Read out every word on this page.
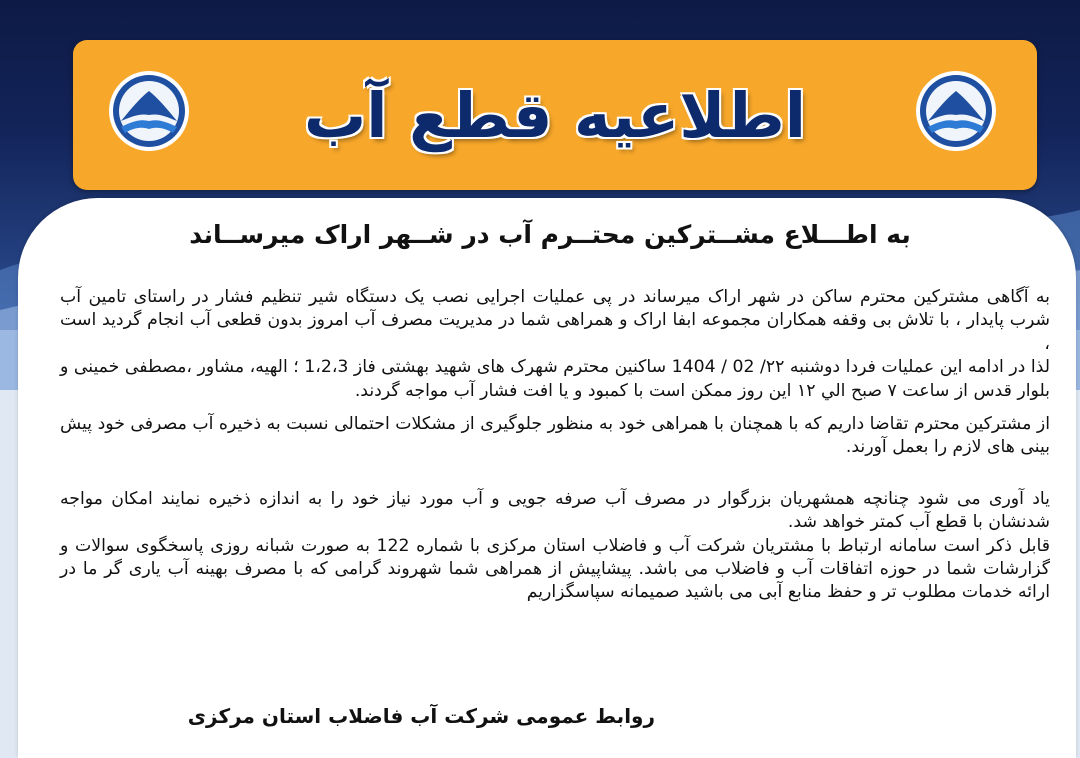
اطلاعیه قطع آب
به اطـــلاع مشــتركين محتــرم آب در شــهر اراک ميرســاند

به آگاهی مشترکین محترم ساکن در شهر اراک میرساند در پی عملیات اجرایی نصب یک دستگاه شیر تنظیم فشار در راستای تامین آب شرب پایدار ، با تلاش بی وقفه همکاران مجموعه ابفا اراک و همراهی شما در مدیریت مصرف آب امروز بدون قطعی آب انجام گردید است ،
لذا در ادامه این عملیات فردا دوشنبه ۲۲/ 02 / 1404 ساکنین محترم شهرک های شهید بهشتی فاز 1،2،3 ؛ الهیه، مشاور ،مصطفی خمینی و بلوار قدس از ساعت ۷ صبح الي ۱۲ این روز ممکن است با کمبود و یا افت فشار آب مواجه گردند.

از مشترکین محترم تقاضا داریم که با همچنان با همراهی خود به منظور جلوگیری از مشکلات احتمالی نسبت به ذخیره آب مصرفی خود پیش بینی های لازم را بعمل آورند.

یاد آوری می شود چنانچه همشهریان بزرگوار در مصرف آب صرفه جویی و آب مورد نیاز خود را به اندازه ذخیره نمایند امکان مواجه شدنشان با قطع آب کمتر خواهد شد.
قابل ذکر است سامانه ارتباط با مشتریان شرکت آب و فاضلاب استان مرکزی با شماره 122 به صورت شبانه روزی پاسخگوی سوالات و گزارشات شما در حوزه اتفاقات آب و فاضلاب می باشد. پیشاپیش از همراهی شما شهروند گرامی که با مصرف بهینه آب یاری گر ما در ارائه خدمات مطلوب تر و حفظ منابع آبی می باشید صمیمانه سپاسگزاریم

روابط عمومی شرکت آب فاضلاب استان مرکزی
